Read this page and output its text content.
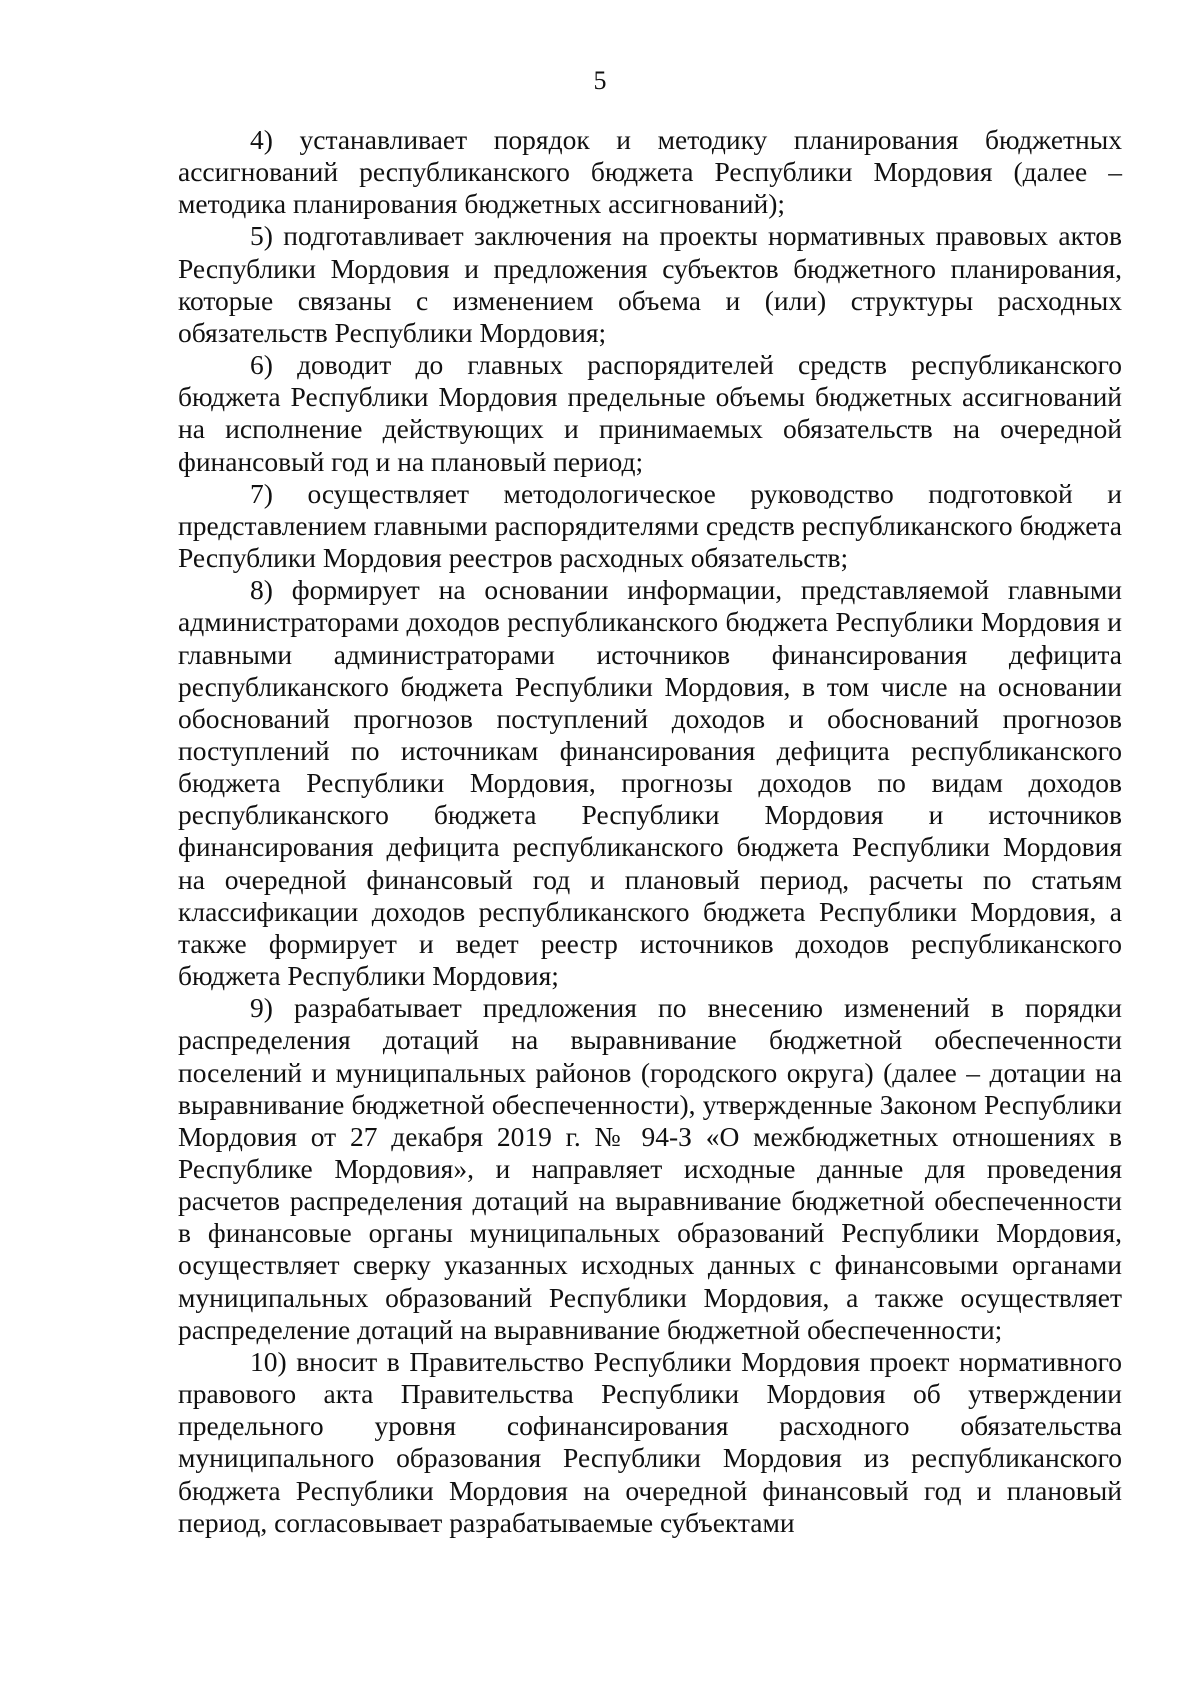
5

4) устанавливает порядок и методику планирования бюджетных ассигнований республиканского бюджета Республики Мордовия (далее – методика планирования бюджетных ассигнований);

5) подготавливает заключения на проекты нормативных правовых актов Республики Мордовия и предложения субъектов бюджетного планирования, которые связаны с изменением объема и (или) структуры расходных обязательств Республики Мордовия;

6) доводит до главных распорядителей средств республиканского бюджета Республики Мордовия предельные объемы бюджетных ассигнований на исполнение действующих и принимаемых обязательств на очередной финансовый год и на плановый период;

7) осуществляет методологическое руководство подготовкой и представлением главными распорядителями средств республиканского бюджета Республики Мордовия реестров расходных обязательств;

8) формирует на основании информации, представляемой главными администраторами доходов республиканского бюджета Республики Мордовия и главными администраторами источников финансирования дефицита республиканского бюджета Республики Мордовия, в том числе на основании обоснований прогнозов поступлений доходов и обоснований прогнозов поступлений по источникам финансирования дефицита республиканского бюджета Республики Мордовия, прогнозы доходов по видам доходов республиканского бюджета Республики Мордовия и источников финансирования дефицита республиканского бюджета Республики Мордовия на очередной финансовый год и плановый период, расчеты по статьям классификации доходов республиканского бюджета Республики Мордовия, а также формирует и ведет реестр источников доходов республиканского бюджета Республики Мордовия;

9) разрабатывает предложения по внесению изменений в порядки распределения дотаций на выравнивание бюджетной обеспеченности поселений и муниципальных районов (городского округа) (далее – дотации на выравнивание бюджетной обеспеченности), утвержденные Законом Республики Мордовия от 27 декабря 2019 г. № 94-З «О межбюджетных отношениях в Республике Мордовия», и направляет исходные данные для проведения расчетов распределения дотаций на выравнивание бюджетной обеспеченности в финансовые органы муниципальных образований Республики Мордовия, осуществляет сверку указанных исходных данных с финансовыми органами муниципальных образований Республики Мордовия, а также осуществляет распределение дотаций на выравнивание бюджетной обеспеченности;

10) вносит в Правительство Республики Мордовия проект нормативного правового акта Правительства Республики Мордовия об утверждении предельного уровня софинансирования расходного обязательства муниципального образования Республики Мордовия из республиканского бюджета Республики Мордовия на очередной финансовый год и плановый период, согласовывает разрабатываемые субъектами
